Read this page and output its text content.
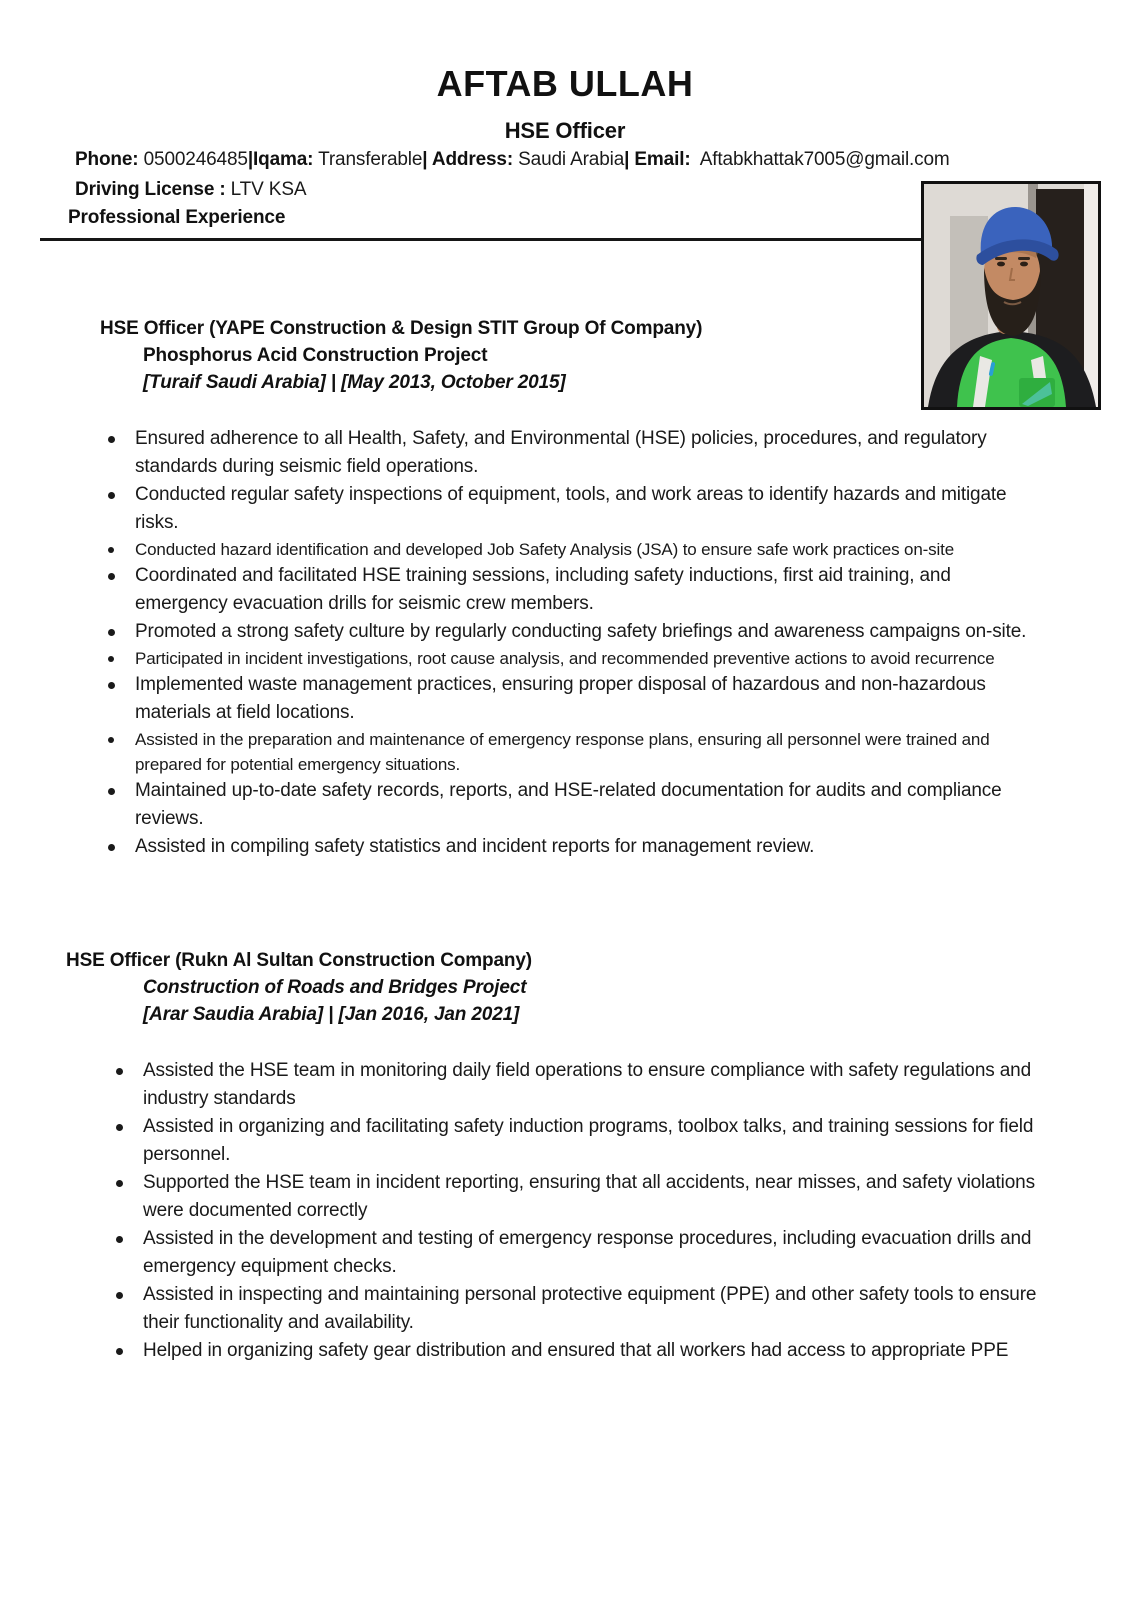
AFTAB ULLAH
HSE Officer
Phone: 0500246485|Iqama: Transferable| Address: Saudi Arabia| Email:  Aftabkhattak7005@gmail.com
Driving License : LTV KSA
Professional Experience
HSE Officer (YAPE Construction & Design STIT Group Of Company)
Phosphorus Acid Construction Project
[Turaif Saudi Arabia] | [May 2013, October 2015]
Ensured adherence to all Health, Safety, and Environmental (HSE) policies, procedures, and regulatory standards during seismic field operations.
Conducted regular safety inspections of equipment, tools, and work areas to identify hazards and mitigate risks.
Conducted hazard identification and developed Job Safety Analysis (JSA) to ensure safe work practices on-site
Coordinated and facilitated HSE training sessions, including safety inductions, first aid training, and emergency evacuation drills for seismic crew members.
Promoted a strong safety culture by regularly conducting safety briefings and awareness campaigns on-site.
Participated in incident investigations, root cause analysis, and recommended preventive actions to avoid recurrence
Implemented waste management practices, ensuring proper disposal of hazardous and non-hazardous materials at field locations.
Assisted in the preparation and maintenance of emergency response plans, ensuring all personnel were trained and prepared for potential emergency situations.
Maintained up-to-date safety records, reports, and HSE-related documentation for audits and compliance reviews.
Assisted in compiling safety statistics and incident reports for management review.
HSE Officer (Rukn Al Sultan Construction Company)
Construction of Roads and Bridges Project
[Arar Saudia Arabia] | [Jan 2016, Jan 2021]
Assisted the HSE team in monitoring daily field operations to ensure compliance with safety regulations and industry standards
Assisted in organizing and facilitating safety induction programs, toolbox talks, and training sessions for field personnel.
Supported the HSE team in incident reporting, ensuring that all accidents, near misses, and safety violations were documented correctly
Assisted in the development and testing of emergency response procedures, including evacuation drills and emergency equipment checks.
Assisted in inspecting and maintaining personal protective equipment (PPE) and other safety tools to ensure their functionality and availability.
Helped in organizing safety gear distribution and ensured that all workers had access to appropriate PPE
